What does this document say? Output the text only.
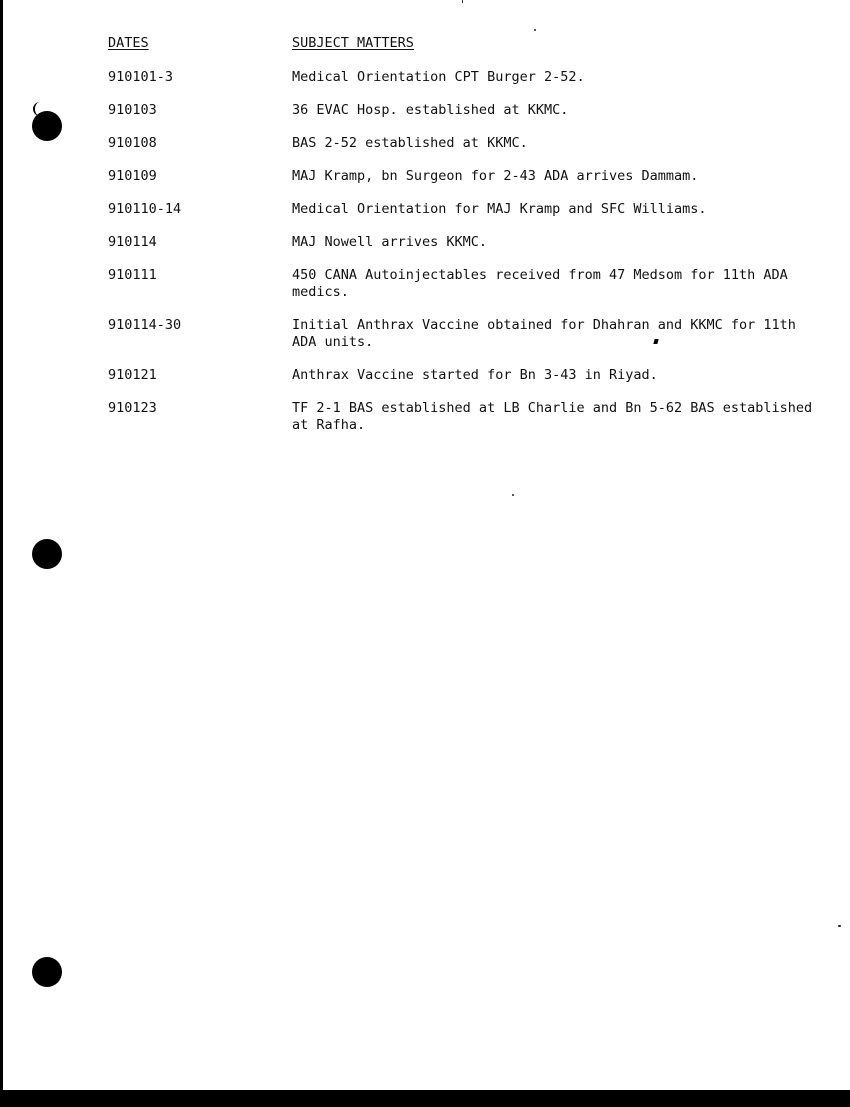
DATES	SUBJECT MATTERS
910101-3	Medical Orientation CPT Burger 2-52.
910103	36 EVAC Hosp. established at KKMC.
910108	BAS 2-52 established at KKMC.
910109	MAJ Kramp, bn Surgeon for 2-43 ADA arrives Dammam.
910110-14	Medical Orientation for MAJ Kramp and SFC Williams.
910114	MAJ Nowell arrives KKMC.
910111	450 CANA Autoinjectables received from 47 Medsom for 11th ADA medics.
910114-30	Initial Anthrax Vaccine obtained for Dhahran and KKMC for 11th ADA units.
910121	Anthrax Vaccine started for Bn 3-43 in Riyad.
910123	TF 2-1 BAS established at LB Charlie and Bn 5-62 BAS established at Rafha.
